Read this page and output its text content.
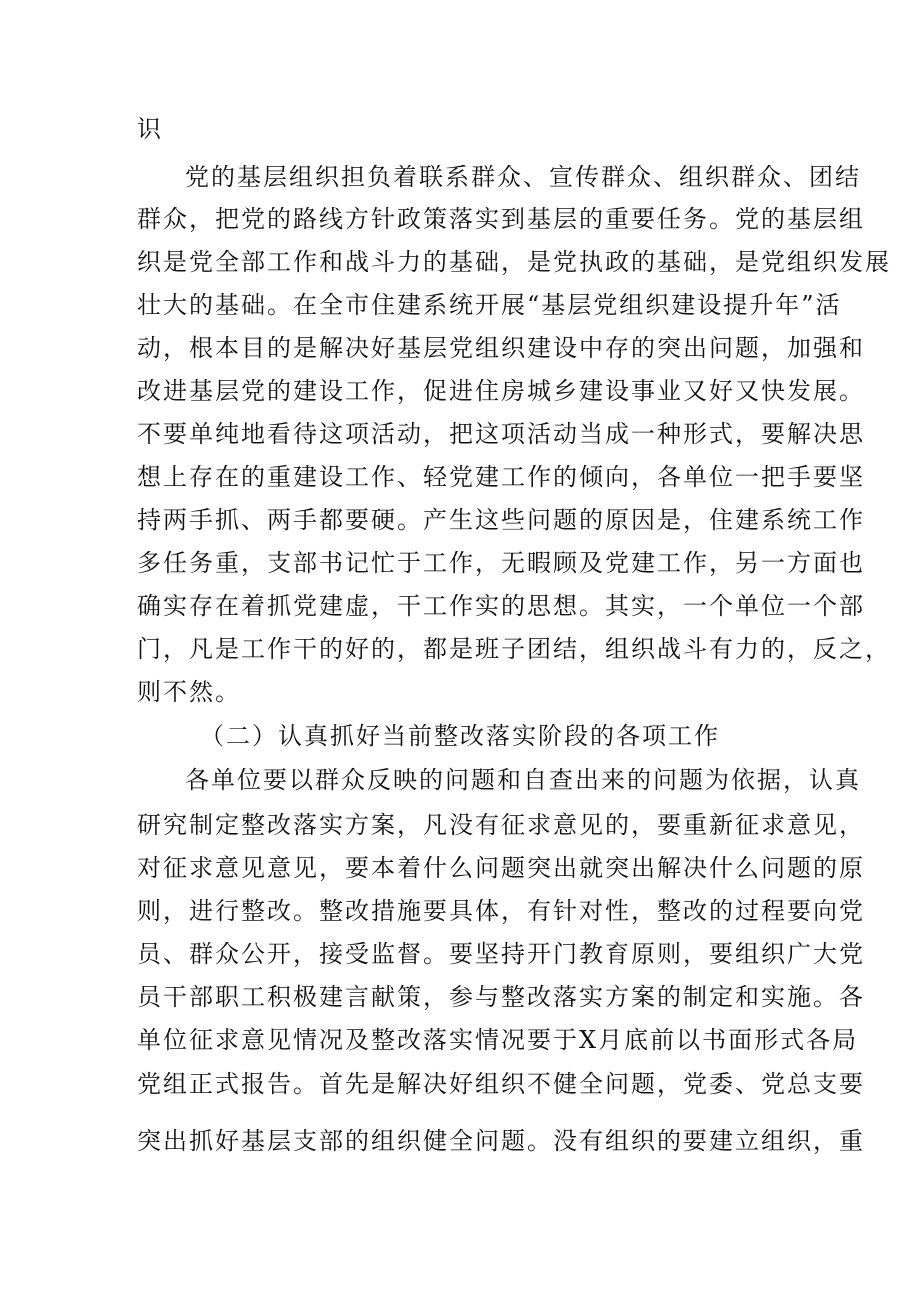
识
党的基层组织担负着联系群众、宣传群众、组织群众、团结
群众，把党的路线方针政策落实到基层的重要任务。党的基层组
织是党全部工作和战斗力的基础，是党执政的基础，是党组织发展
壮大的基础。在全市住建系统开展“基层党组织建设提升年”活
动，根本目的是解决好基层党组织建设中存的突出问题，加强和
改进基层党的建设工作，促进住房城乡建设事业又好又快发展。
不要单纯地看待这项活动，把这项活动当成一种形式，要解决思
想上存在的重建设工作、轻党建工作的倾向，各单位一把手要坚
持两手抓、两手都要硬。产生这些问题的原因是，住建系统工作
多任务重，支部书记忙于工作，无暇顾及党建工作，另一方面也
确实存在着抓党建虚，干工作实的思想。其实，一个单位一个部
门，凡是工作干的好的，都是班子团结，组织战斗有力的，反之，
则不然。
（二）认真抓好当前整改落实阶段的各项工作
各单位要以群众反映的问题和自查出来的问题为依据，认真
研究制定整改落实方案，凡没有征求意见的，要重新征求意见，
对征求意见意见，要本着什么问题突出就突出解决什么问题的原
则，进行整改。整改措施要具体，有针对性，整改的过程要向党
员、群众公开，接受监督。要坚持开门教育原则，要组织广大党
员干部职工积极建言献策，参与整改落实方案的制定和实施。各
单位征求意见情况及整改落实情况要于X月底前以书面形式各局
党组正式报告。首先是解决好组织不健全问题，党委、党总支要
突出抓好基层支部的组织健全问题。没有组织的要建立组织，重
